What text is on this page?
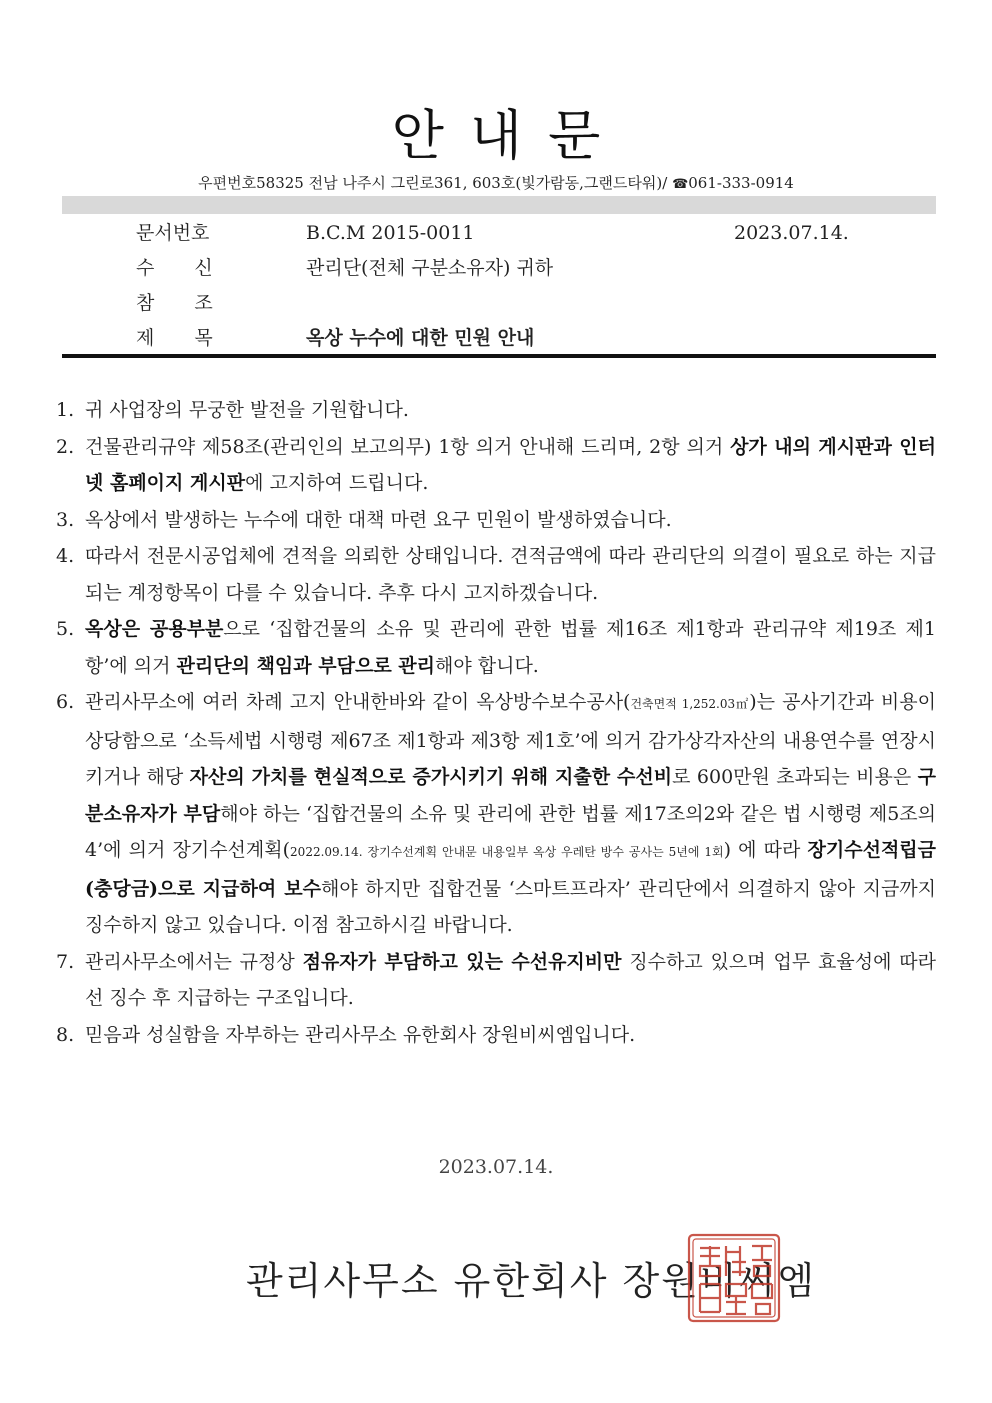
안내문
우편번호58325 전남 나주시 그린로361, 603호(빛가람동,그랜드타워)/ ☎061-333-0914
문서번호	B.C.M 2015-0011	2023.07.14.
수신	관리단(전체 구분소유자) 귀하
참조
제목	옥상 누수에 대한 민원 안내
1. 귀 사업장의 무궁한 발전을 기원합니다.
2. 건물관리규약 제58조(관리인의 보고의무) 1항 의거 안내해 드리며, 2항 의거 상가 내의 게시판과 인터넷 홈페이지 게시판에 고지하여 드립니다.
3. 옥상에서 발생하는 누수에 대한 대책 마련 요구 민원이 발생하였습니다.
4. 따라서 전문시공업체에 견적을 의뢰한 상태입니다. 견적금액에 따라 관리단의 의결이 필요로 하는 지급되는 계정항목이 다를 수 있습니다. 추후 다시 고지하겠습니다.
5. 옥상은 공용부분으로 ‘집합건물의 소유 및 관리에 관한 법률 제16조 제1항과 관리규약 제19조 제1항’에 의거 관리단의 책임과 부담으로 관리해야 합니다.
6. 관리사무소에 여러 차례 고지 안내한바와 같이 옥상방수보수공사(건축면적 1,252.03㎡)는 공사기간과 비용이 상당함으로 ‘소득세법 시행령 제67조 제1항과 제3항 제1호’에 의거 감가상각자산의 내용연수를 연장시키거나 해당 자산의 가치를 현실적으로 증가시키기 위해 지출한 수선비로 600만원 초과되는 비용은 구분소유자가 부담해야 하는 ‘집합건물의 소유 및 관리에 관한 법률 제17조의2와 같은 법 시행령 제5조의4’에 의거 장기수선계획(2022.09.14. 장기수선계획 안내문 내용일부 옥상 우레탄 방수 공사는 5년에 1회) 에 따라 장기수선적립금(충당금)으로 지급하여 보수해야 하지만 집합건물 ‘스마트프라자’ 관리단에서 의결하지 않아 지금까지 징수하지 않고 있습니다. 이점 참고하시길 바랍니다.
7. 관리사무소에서는 규정상 점유자가 부담하고 있는 수선유지비만 징수하고 있으며 업무 효율성에 따라 선 징수 후 지급하는 구조입니다.
8. 믿음과 성실함을 자부하는 관리사무소 유한회사 장원비씨엠입니다.
2023.07.14.
관리사무소 유한회사 장원비씨엠
